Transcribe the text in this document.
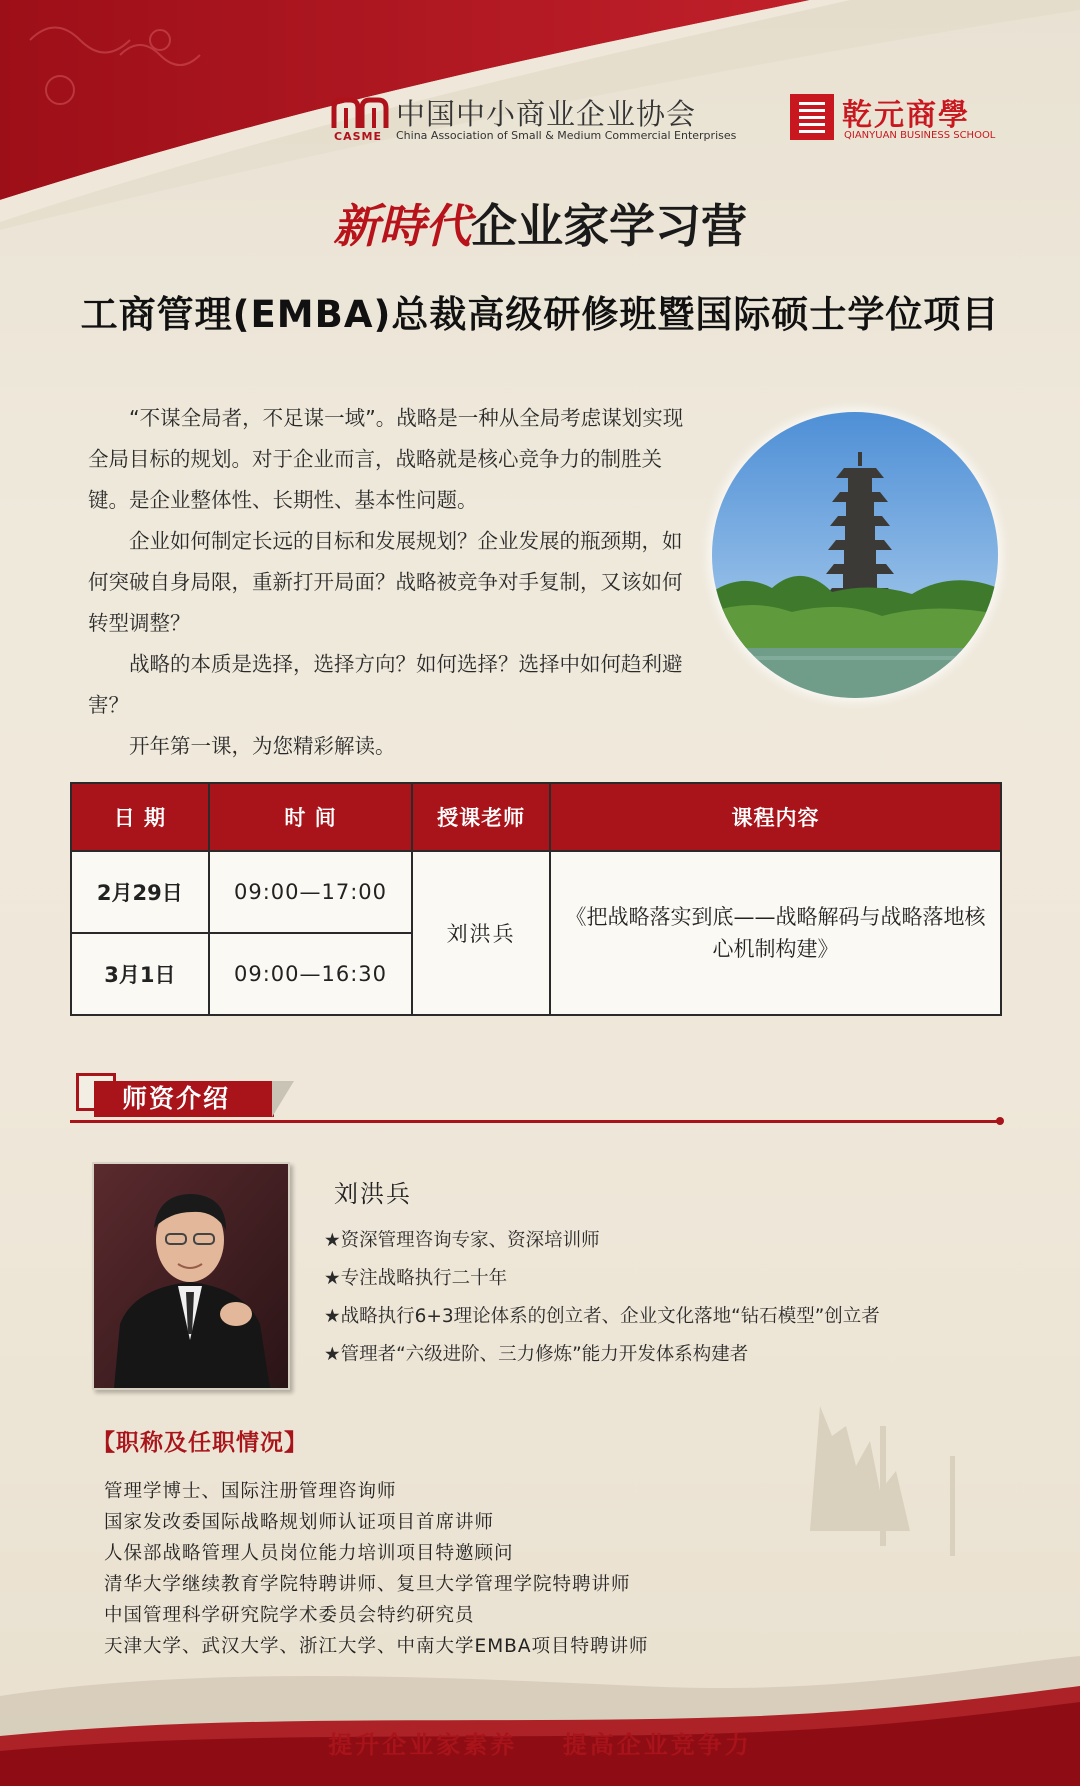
CASME
中国中小商业企业协会
China Association of Small & Medium Commercial Enterprises
乾元商學
QIANYUAN BUSINESS SCHOOL
新時代企业家学习营
工商管理(EMBA)总裁高级研修班暨国际硕士学位项目

“不谋全局者，不足谋一域”。战略是一种从全局考虑谋划实现全局目标的规划。对于企业而言，战略就是核心竞争力的制胜关键。是企业整体性、长期性、基本性问题。

企业如何制定长远的目标和发展规划？企业发展的瓶颈期，如何突破自身局限，重新打开局面？战略被竞争对手复制，又该如何转型调整？

战略的本质是选择，选择方向？如何选择？选择中如何趋利避害？

开年第一课，为您精彩解读。

日 期	时 间	授课老师	课程内容
2月29日	09:00—17:00	刘洪兵	《把战略落实到底——战略解码与战略落地核心机制构建》
3月1日	09:00—16:30		
师资介绍
刘洪兵
★资深管理咨询专家、资深培训师
★专注战略执行二十年
★战略执行6+3理论体系的创立者、企业文化落地“钻石模型”创立者
★管理者“六级进阶、三力修炼”能力开发体系构建者
【职称及任职情况】
管理学博士、国际注册管理咨询师
国家发改委国际战略规划师认证项目首席讲师
人保部战略管理人员岗位能力培训项目特邀顾问
清华大学继续教育学院特聘讲师、复旦大学管理学院特聘讲师
中国管理科学研究院学术委员会特约研究员
天津大学、武汉大学、浙江大学、中南大学EMBA项目特聘讲师
提升企业家素养    提高企业竞争力
